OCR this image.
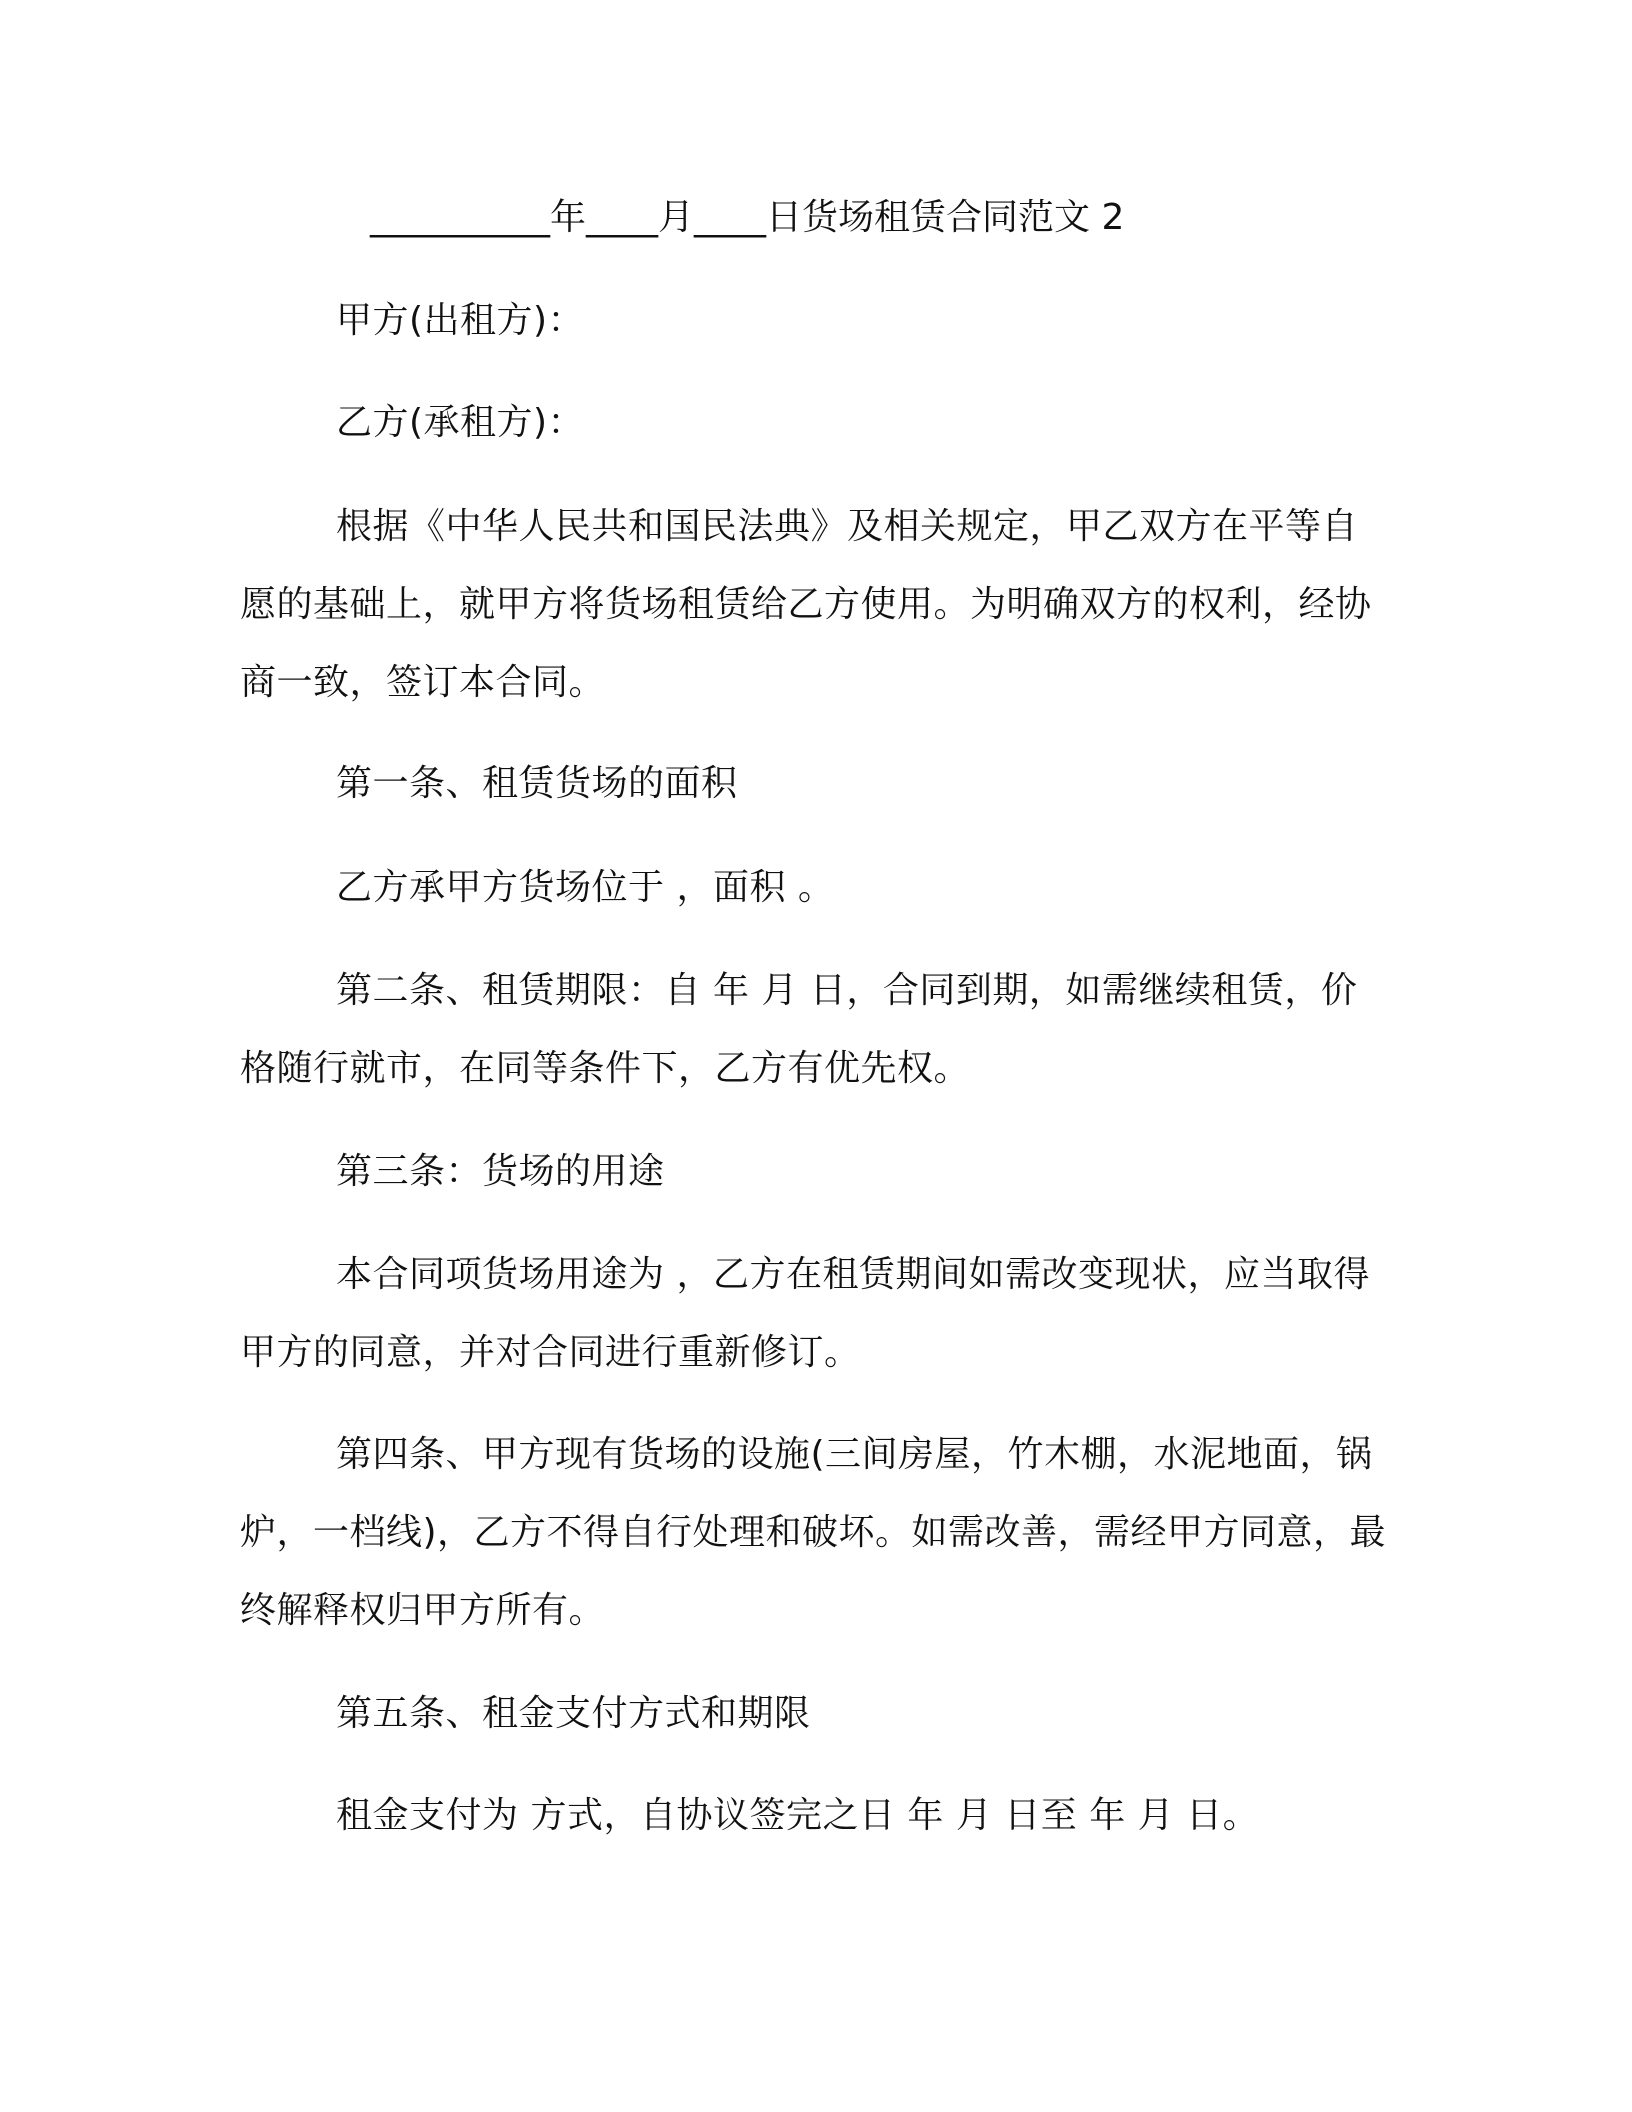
__________年____月____日货场租赁合同范文 2

甲方(出租方)：

乙方(承租方)：

根据《中华人民共和国民法典》及相关规定，甲乙双方在平等自愿的基础上，就甲方将货场租赁给乙方使用。为明确双方的权利，经协商一致，签订本合同。

第一条、租赁货场的面积

乙方承甲方货场位于 ，面积 。

第二条、租赁期限：自 年 月 日，合同到期，如需继续租赁，价格随行就市，在同等条件下，乙方有优先权。

第三条：货场的用途

本合同项货场用途为 ，乙方在租赁期间如需改变现状，应当取得甲方的同意，并对合同进行重新修订。

第四条、甲方现有货场的设施(三间房屋，竹木棚，水泥地面，锅炉，一档线)，乙方不得自行处理和破坏。如需改善，需经甲方同意，最终解释权归甲方所有。

第五条、租金支付方式和期限

租金支付为 方式，自协议签完之日 年 月 日至 年 月 日。
